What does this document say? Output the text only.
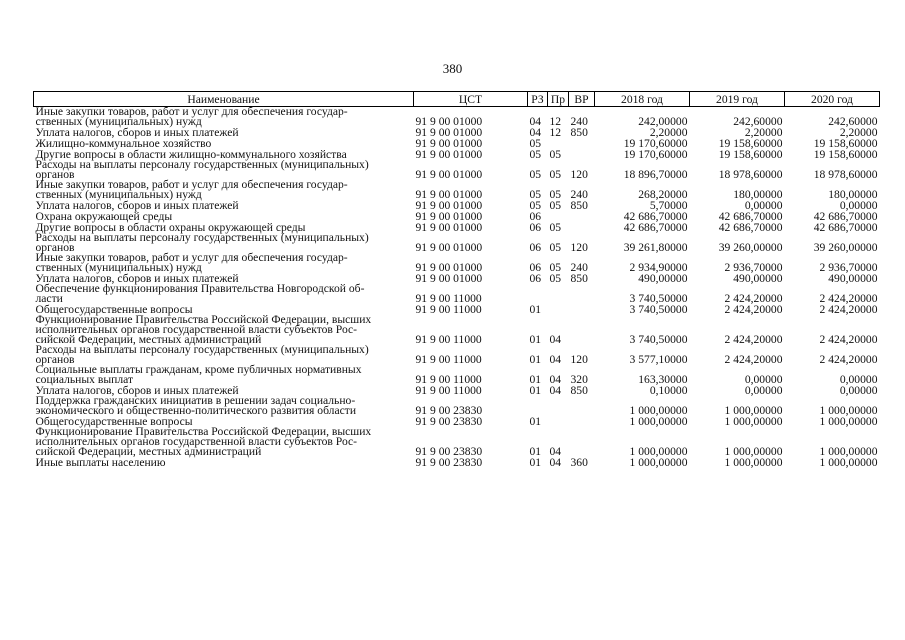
380
Наименование	ЦСТ	РЗ	Пр	ВР	2018 год	2019 год	2020 год
Иные закупки товаров, работ и услуг для обеспечения государ-
ственных (муниципальных) нужд	91 9 00 01000	04	12	240	242,00000	242,60000	242,60000
Уплата налогов, сборов и иных платежей	91 9 00 01000	04	12	850	2,20000	2,20000	2,20000
Жилищно-коммунальное хозяйство	91 9 00 01000	05			19 170,60000	19 158,60000	19 158,60000
Другие вопросы в области жилищно-коммунального хозяйства	91 9 00 01000	05	05		19 170,60000	19 158,60000	19 158,60000
Расходы на выплаты персоналу государственных (муниципальных)
органов	91 9 00 01000	05	05	120	18 896,70000	18 978,60000	18 978,60000
Иные закупки товаров, работ и услуг для обеспечения государ-
ственных (муниципальных) нужд	91 9 00 01000	05	05	240	268,20000	180,00000	180,00000
Уплата налогов, сборов и иных платежей	91 9 00 01000	05	05	850	5,70000	0,00000	0,00000
Охрана окружающей среды	91 9 00 01000	06			42 686,70000	42 686,70000	42 686,70000
Другие вопросы в области охраны окружающей среды	91 9 00 01000	06	05		42 686,70000	42 686,70000	42 686,70000
Расходы на выплаты персоналу государственных (муниципальных)
органов	91 9 00 01000	06	05	120	39 261,80000	39 260,00000	39 260,00000
Иные закупки товаров, работ и услуг для обеспечения государ-
ственных (муниципальных) нужд	91 9 00 01000	06	05	240	2 934,90000	2 936,70000	2 936,70000
Уплата налогов, сборов и иных платежей	91 9 00 01000	06	05	850	490,00000	490,00000	490,00000
Обеспечение функционирования Правительства Новгородской об-
ласти	91 9 00 11000				3 740,50000	2 424,20000	2 424,20000
Общегосударственные вопросы	91 9 00 11000	01			3 740,50000	2 424,20000	2 424,20000
Функционирование Правительства Российской Федерации, высших
исполнительных органов государственной власти субъектов Рос-
сийской Федерации, местных администраций	91 9 00 11000	01	04		3 740,50000	2 424,20000	2 424,20000
Расходы на выплаты персоналу государственных (муниципальных)
органов	91 9 00 11000	01	04	120	3 577,10000	2 424,20000	2 424,20000
Социальные выплаты гражданам, кроме публичных нормативных
социальных выплат	91 9 00 11000	01	04	320	163,30000	0,00000	0,00000
Уплата налогов, сборов и иных платежей	91 9 00 11000	01	04	850	0,10000	0,00000	0,00000
Поддержка гражданских инициатив в решении задач социально-
экономического и общественно-политического развития области	91 9 00 23830				1 000,00000	1 000,00000	1 000,00000
Общегосударственные вопросы	91 9 00 23830	01			1 000,00000	1 000,00000	1 000,00000
Функционирование Правительства Российской Федерации, высших
исполнительных органов государственной власти субъектов Рос-
сийской Федерации, местных администраций	91 9 00 23830	01	04		1 000,00000	1 000,00000	1 000,00000
Иные выплаты населению	91 9 00 23830	01	04	360	1 000,00000	1 000,00000	1 000,00000
